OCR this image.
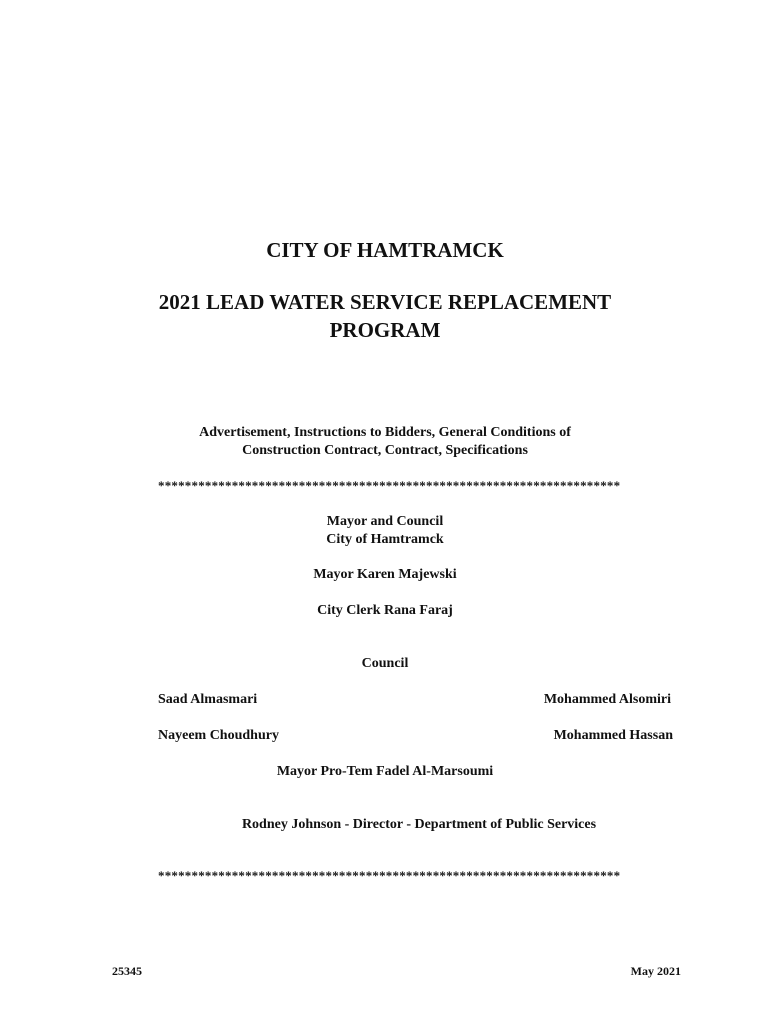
CITY OF HAMTRAMCK
2021 LEAD WATER SERVICE REPLACEMENT
PROGRAM
Advertisement, Instructions to Bidders, General Conditions of
Construction Contract, Contract, Specifications
*********************************************************************
Mayor and Council
City of Hamtramck
Mayor Karen Majewski
City Clerk Rana Faraj
Council
Saad Almasmari	Mohammed Alsomiri
Nayeem Choudhury	Mohammed Hassan
Mayor Pro-Tem Fadel Al-Marsoumi
Rodney Johnson - Director - Department of Public Services
*********************************************************************
25345	May 2021
